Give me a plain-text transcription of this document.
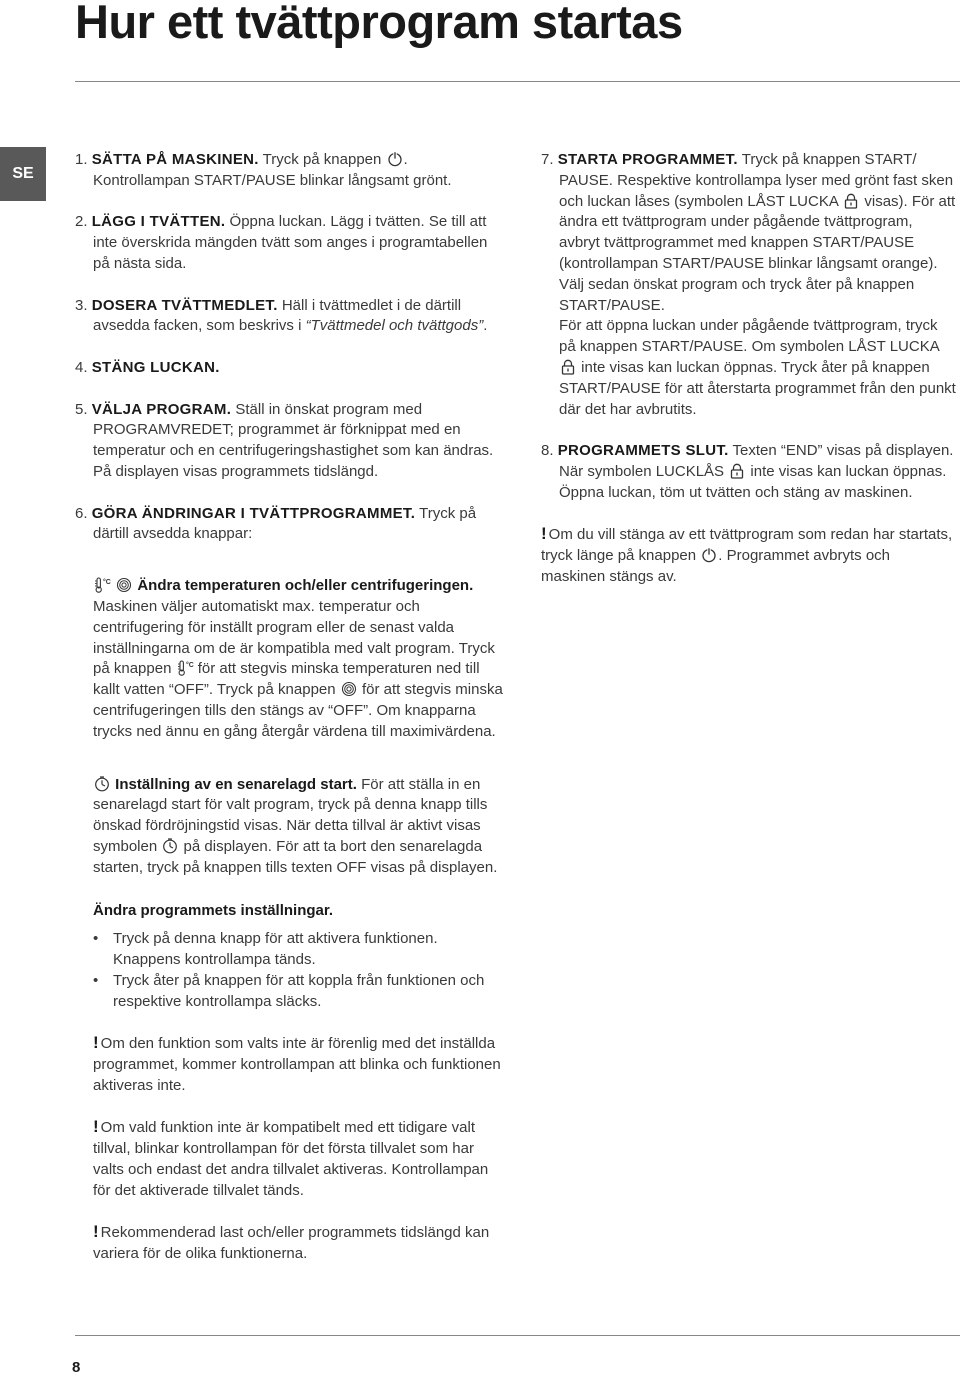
Hur ett tvättprogram startas
SE

1. SÄTTA PÅ MASKINEN. Tryck på knappen . Kontrollampan START/PAUSE blinkar långsamt grönt.

2. LÄGG I TVÄTTEN. Öppna luckan. Lägg i tvätten. Se till att inte överskrida mängden tvätt som anges i programtabellen på nästa sida.

3. DOSERA TVÄTTMEDLET. Häll i tvättmedlet i de därtill avsedda facken, som beskrivs i “Tvättmedel och tvättgods”.

4. STÄNG LUCKAN.

5. VÄLJA PROGRAM. Ställ in önskat program med PROGRAMVREDET; programmet är förknippat med en temperatur och en centrifugeringshastighet som kan ändras. På displayen visas programmets tidslängd.

6. GÖRA ÄNDRINGAR I TVÄTTPROGRAMMET. Tryck på därtill avsedda knappar:

°C
Ändra temperaturen och/eller centrifugeringen. Maskinen väljer automatiskt max. temperatur och centrifugering för inställt program eller de senast valda inställningarna om de är kompatibla med valt program. Tryck på knappen °C för att stegvis minska temperaturen ned till kallt vatten “OFF”. Tryck på knappen för att stegvis minska centrifugeringen tills den stängs av “OFF”. Om knapparna trycks ned ännu en gång återgår värdena till maximivärdena.

Inställning av en senarelagd start. För att ställa in en senarelagd start för valt program, tryck på denna knapp tills önskad fördröjningstid visas. När detta tillval är aktivt visas symbolen på displayen. För att ta bort den senarelagda starten, tryck på knappen tills texten OFF visas på displayen.

Ändra programmets inställningar.

• Tryck på denna knapp för att aktivera funktionen. Knappens kontrollampa tänds.
• Tryck åter på knappen för att koppla från funktionen och respektive kontrollampa släcks.

! Om den funktion som valts inte är förenlig med det inställda programmet, kommer kontrollampan att blinka och funktionen aktiveras inte.

! Om vald funktion inte är kompatibelt med ett tidigare valt tillval, blinkar kontrollampan för det första tillvalet som har valts och endast det andra tillvalet aktiveras. Kontrollampan för det aktiverade tillvalet tänds.

! Rekommenderad last och/eller programmets tidslängd kan variera för de olika funktionerna.

7. STARTA PROGRAMMET. Tryck på knappen START/ PAUSE. Respektive kontrollampa lyser med grönt fast sken och luckan låses (symbolen LÅST LUCKA visas). För att ändra ett tvättprogram under pågående tvättprogram, avbryt tvättprogrammet med knappen START/PAUSE (kontrollampan START/PAUSE blinkar långsamt orange). Välj sedan önskat program och tryck åter på knappen START/PAUSE.

För att öppna luckan under pågående tvättprogram, tryck på knappen START/PAUSE. Om symbolen LÅST LUCKA
inte visas kan luckan öppnas. Tryck åter på knappen START/PAUSE för att återstarta programmet från den punkt där det har avbrutits.

8. PROGRAMMETS SLUT. Texten “END” visas på displayen. När symbolen LUCKLÅS inte visas kan luckan öppnas. Öppna luckan, töm ut tvätten och stäng av maskinen.

! Om du vill stänga av ett tvättprogram som redan har startats, tryck länge på knappen . Programmet avbryts och maskinen stängs av.

8
